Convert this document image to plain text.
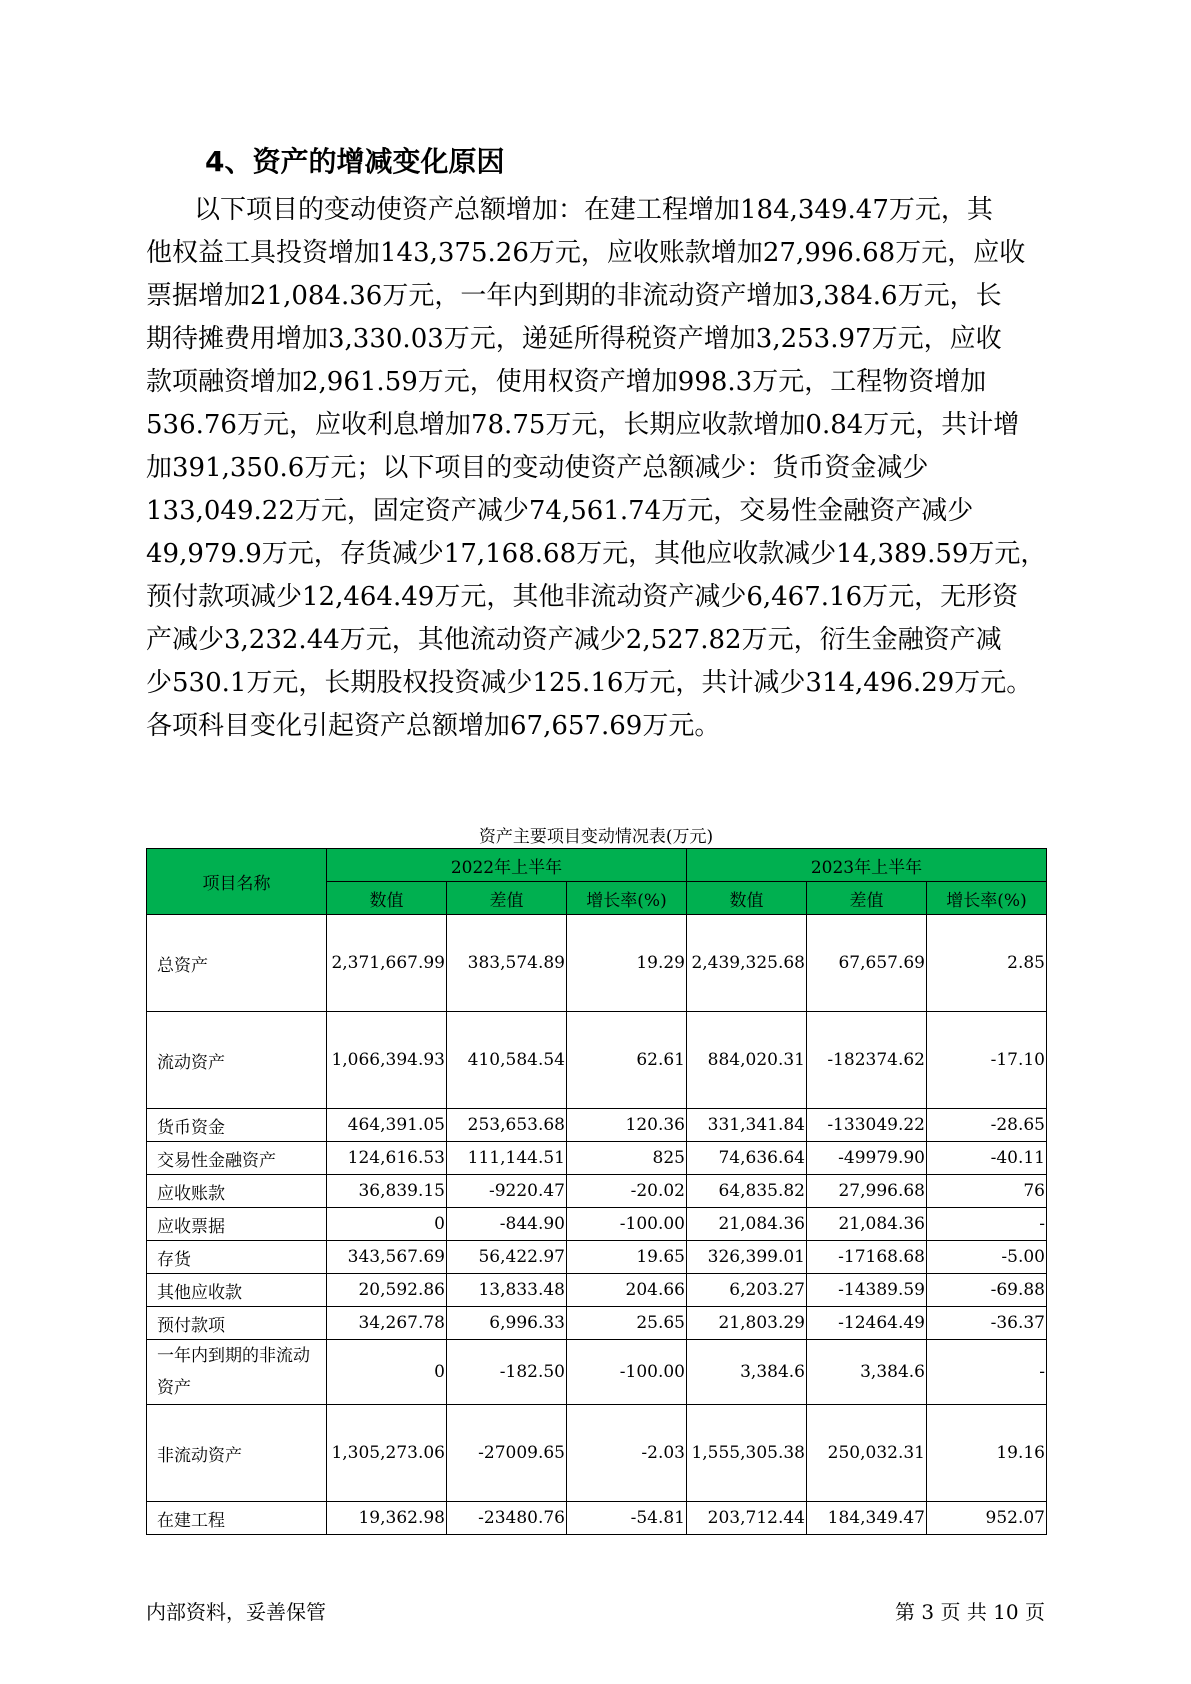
4、资产的增减变化原因
以下项目的变动使资产总额增加：在建工程增加184,349.47万元，其
他权益工具投资增加143,375.26万元，应收账款增加27,996.68万元，应收
票据增加21,084.36万元，一年内到期的非流动资产增加3,384.6万元，长
期待摊费用增加3,330.03万元，递延所得税资产增加3,253.97万元，应收
款项融资增加2,961.59万元，使用权资产增加998.3万元，工程物资增加
536.76万元，应收利息增加78.75万元，长期应收款增加0.84万元，共计增
加391,350.6万元；以下项目的变动使资产总额减少：货币资金减少
133,049.22万元，固定资产减少74,561.74万元，交易性金融资产减少
49,979.9万元，存货减少17,168.68万元，其他应收款减少14,389.59万元，
预付款项减少12,464.49万元，其他非流动资产减少6,467.16万元，无形资
产减少3,232.44万元，其他流动资产减少2,527.82万元，衍生金融资产减
少530.1万元，长期股权投资减少125.16万元，共计减少314,496.29万元。
各项科目变化引起资产总额增加67,657.69万元。
资产主要项目变动情况表(万元)
项目名称	2022年上半年			2023年上半年		
	数值	差值	增长率(%)	数值	差值	增长率(%)
总资产	2,371,667.99	383,574.89	19.29	2,439,325.68	67,657.69	2.85
流动资产	1,066,394.93	410,584.54	62.61	884,020.31	-182374.62	-17.10
货币资金	464,391.05	253,653.68	120.36	331,341.84	-133049.22	-28.65
交易性金融资产	124,616.53	111,144.51	825	74,636.64	-49979.90	-40.11
应收账款	36,839.15	-9220.47	-20.02	64,835.82	27,996.68	76
应收票据	0	-844.90	-100.00	21,084.36	21,084.36	-
存货	343,567.69	56,422.97	19.65	326,399.01	-17168.68	-5.00
其他应收款	20,592.86	13,833.48	204.66	6,203.27	-14389.59	-69.88
预付款项	34,267.78	6,996.33	25.65	21,803.29	-12464.49	-36.37
一年内到期的非流动资产	0	-182.50	-100.00	3,384.6	3,384.6	-
非流动资产	1,305,273.06	-27009.65	-2.03	1,555,305.38	250,032.31	19.16
在建工程	19,362.98	-23480.76	-54.81	203,712.44	184,349.47	952.07
内部资料，妥善保管	第 3 页 共 10 页
